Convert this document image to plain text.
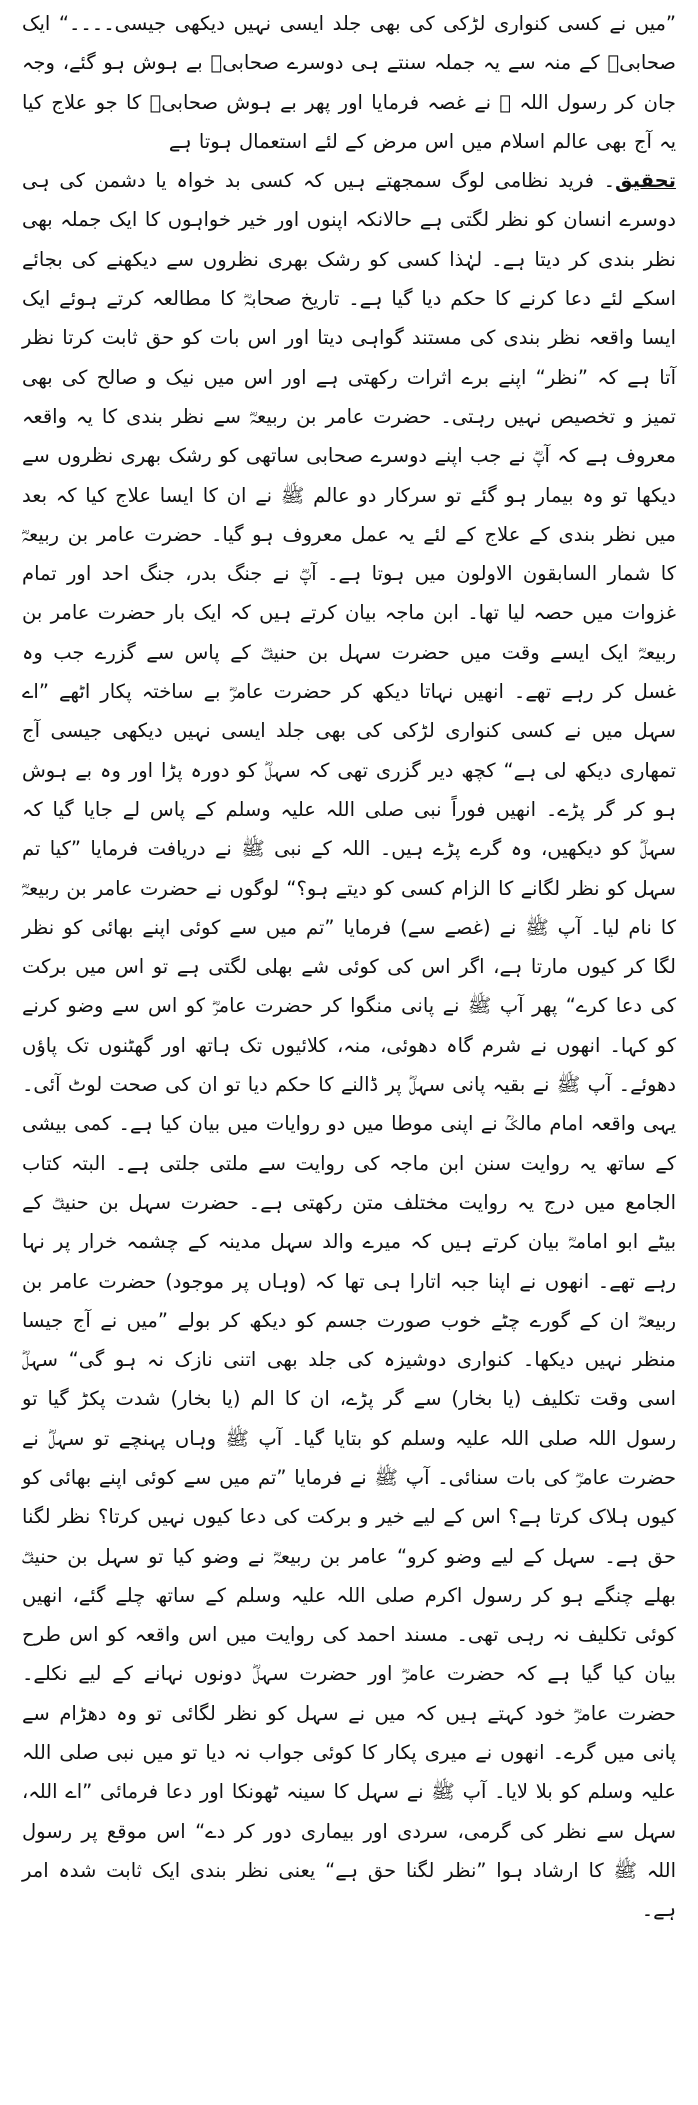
”میں نے کسی کنواری لڑکی کی بھی جلد ایسی نہیں دیکھی جیسی۔۔۔۔“ ایک صحابیؓ کے منہ سے یہ جملہ سنتے ہی دوسرے صحابیؓ بے ہوش ہو گئے، وجہ جان کر رسول اللہ ﷺ نے غصہ فرمایا اور پھر بے ہوش صحابیؓ کا جو علاج کیا یہ آج بھی عالم اسلام میں اس مرض کے لئے استعمال ہوتا ہے

تحقیق۔ فرید نظامی لوگ سمجھتے ہیں کہ کسی بد خواہ یا دشمن کی ہی دوسرے انسان کو نظر لگتی ہے حالانکہ اپنوں اور خیر خواہوں کا ایک جملہ بھی نظر بندی کر دیتا ہے۔ لہٰذا کسی کو رشک بھری نظروں سے دیکھنے کی بجائے اسکے لئے دعا کرنے کا حکم دیا گیا ہے۔ تاریخ صحابہؓ کا مطالعہ کرتے ہوئے ایک ایسا واقعہ نظر بندی کی مستند گواہی دیتا اور اس بات کو حق ثابت کرتا نظر آتا ہے کہ ”نظر“ اپنے برے اثرات رکھتی ہے اور اس میں نیک و صالح کی بھی تمیز و تخصیص نہیں رہتی۔ حضرت عامر بن ربیعہؓ سے نظر بندی کا یہ واقعہ معروف ہے کہ آپؓ نے جب اپنے دوسرے صحابی ساتھی کو رشک بھری نظروں سے دیکھا تو وہ بیمار ہو گئے تو سرکار دو عالم ﷺ نے ان کا ایسا علاج کیا کہ بعد میں نظر بندی کے علاج کے لئے یہ عمل معروف ہو گیا۔ حضرت عامر بن ربیعہؓ کا شمار السابقون الاولون میں ہوتا ہے۔ آپؓ نے جنگ بدر، جنگ احد اور تمام غزوات میں حصہ لیا تھا۔ ابن ماجہ بیان کرتے ہیں کہ ایک بار حضرت عامر بن ربیعہؓ ایک ایسے وقت میں حضرت سہل بن حنیفؓ کے پاس سے گزرے جب وہ غسل کر رہے تھے۔ انھیں نہاتا دیکھ کر حضرت عامرؓ بے ساختہ پکار اٹھے ”اے سہل میں نے کسی کنواری لڑکی کی بھی جلد ایسی نہیں دیکھی جیسی آج تمھاری دیکھ لی ہے“ کچھ دیر گزری تھی کہ سہلؓ کو دورہ پڑا اور وہ بے ہوش ہو کر گر پڑے۔ انھیں فوراً نبی صلی اللہ علیہ وسلم کے پاس لے جایا گیا کہ سہلؓ کو دیکھیں، وہ گرے پڑے ہیں۔ اللہ کے نبی ﷺ نے دریافت فرمایا ”کیا تم سہل کو نظر لگانے کا الزام کسی کو دیتے ہو؟“ لوگوں نے حضرت عامر بن ربیعہؓ کا نام لیا۔ آپ ﷺ نے (غصے سے) فرمایا ”تم میں سے کوئی اپنے بھائی کو نظر لگا کر کیوں مارتا ہے، اگر اس کی کوئی شے بھلی لگتی ہے تو اس میں برکت کی دعا کرے“ پھر آپ ﷺ نے پانی منگوا کر حضرت عامرؓ کو اس سے وضو کرنے کو کہا۔ انھوں نے شرم گاہ دھوئی، منہ، کلائیوں تک ہاتھ اور گھٹنوں تک پاؤں دھوئے۔ آپ ﷺ نے بقیہ پانی سہلؓ پر ڈالنے کا حکم دیا تو ان کی صحت لوٹ آئی۔ یہی واقعہ امام مالکؒ نے اپنی موطا میں دو روایات میں بیان کیا ہے۔ کمی بیشی کے ساتھ یہ روایت سنن ابن ماجہ کی روایت سے ملتی جلتی ہے۔ البتہ کتاب الجامع میں درج یہ روایت مختلف متن رکھتی ہے۔ حضرت سہل بن حنیفؓ کے بیٹے ابو امامہؓ بیان کرتے ہیں کہ میرے والد سہل مدینہ کے چشمہ خرار پر نہا رہے تھے۔ انھوں نے اپنا جبہ اتارا ہی تھا کہ (وہاں پر موجود) حضرت عامر بن ربیعہؓ ان کے گورے چٹے خوب صورت جسم کو دیکھ کر بولے ”میں نے آج جیسا منظر نہیں دیکھا۔ کنواری دوشیزہ کی جلد بھی اتنی نازک نہ ہو گی“ سہلؓ اسی وقت تکلیف (یا بخار) سے گر پڑے، ان کا الم (یا بخار) شدت پکڑ گیا تو رسول اللہ صلی اللہ علیہ وسلم کو بتایا گیا۔ آپ ﷺ وہاں پہنچے تو سہلؓ نے حضرت عامرؓ کی بات سنائی۔ آپ ﷺ نے فرمایا ”تم میں سے کوئی اپنے بھائی کو کیوں ہلاک کرتا ہے؟ اس کے لیے خیر و برکت کی دعا کیوں نہیں کرتا؟ نظر لگنا حق ہے۔ سہل کے لیے وضو کرو“ عامر بن ربیعہؓ نے وضو کیا تو سہل بن حنیفؓ بھلے چنگے ہو کر رسول اکرم صلی اللہ علیہ وسلم کے ساتھ چلے گئے، انھیں کوئی تکلیف نہ رہی تھی۔ مسند احمد کی روایت میں اس واقعہ کو اس طرح بیان کیا گیا ہے کہ حضرت عامرؓ اور حضرت سہلؓ دونوں نہانے کے لیے نکلے۔ حضرت عامرؓ خود کہتے ہیں کہ میں نے سہل کو نظر لگائی تو وہ دھڑام سے پانی میں گرے۔ انھوں نے میری پکار کا کوئی جواب نہ دیا تو میں نبی صلی اللہ علیہ وسلم کو بلا لایا۔ آپ ﷺ نے سہل کا سینہ ٹھونکا اور دعا فرمائی ”اے اللہ، سہل سے نظر کی گرمی، سردی اور بیماری دور کر دے“ اس موقع پر رسول اللہ ﷺ کا ارشاد ہوا ”نظر لگنا حق ہے“ یعنی نظر بندی ایک ثابت شدہ امر ہے۔
